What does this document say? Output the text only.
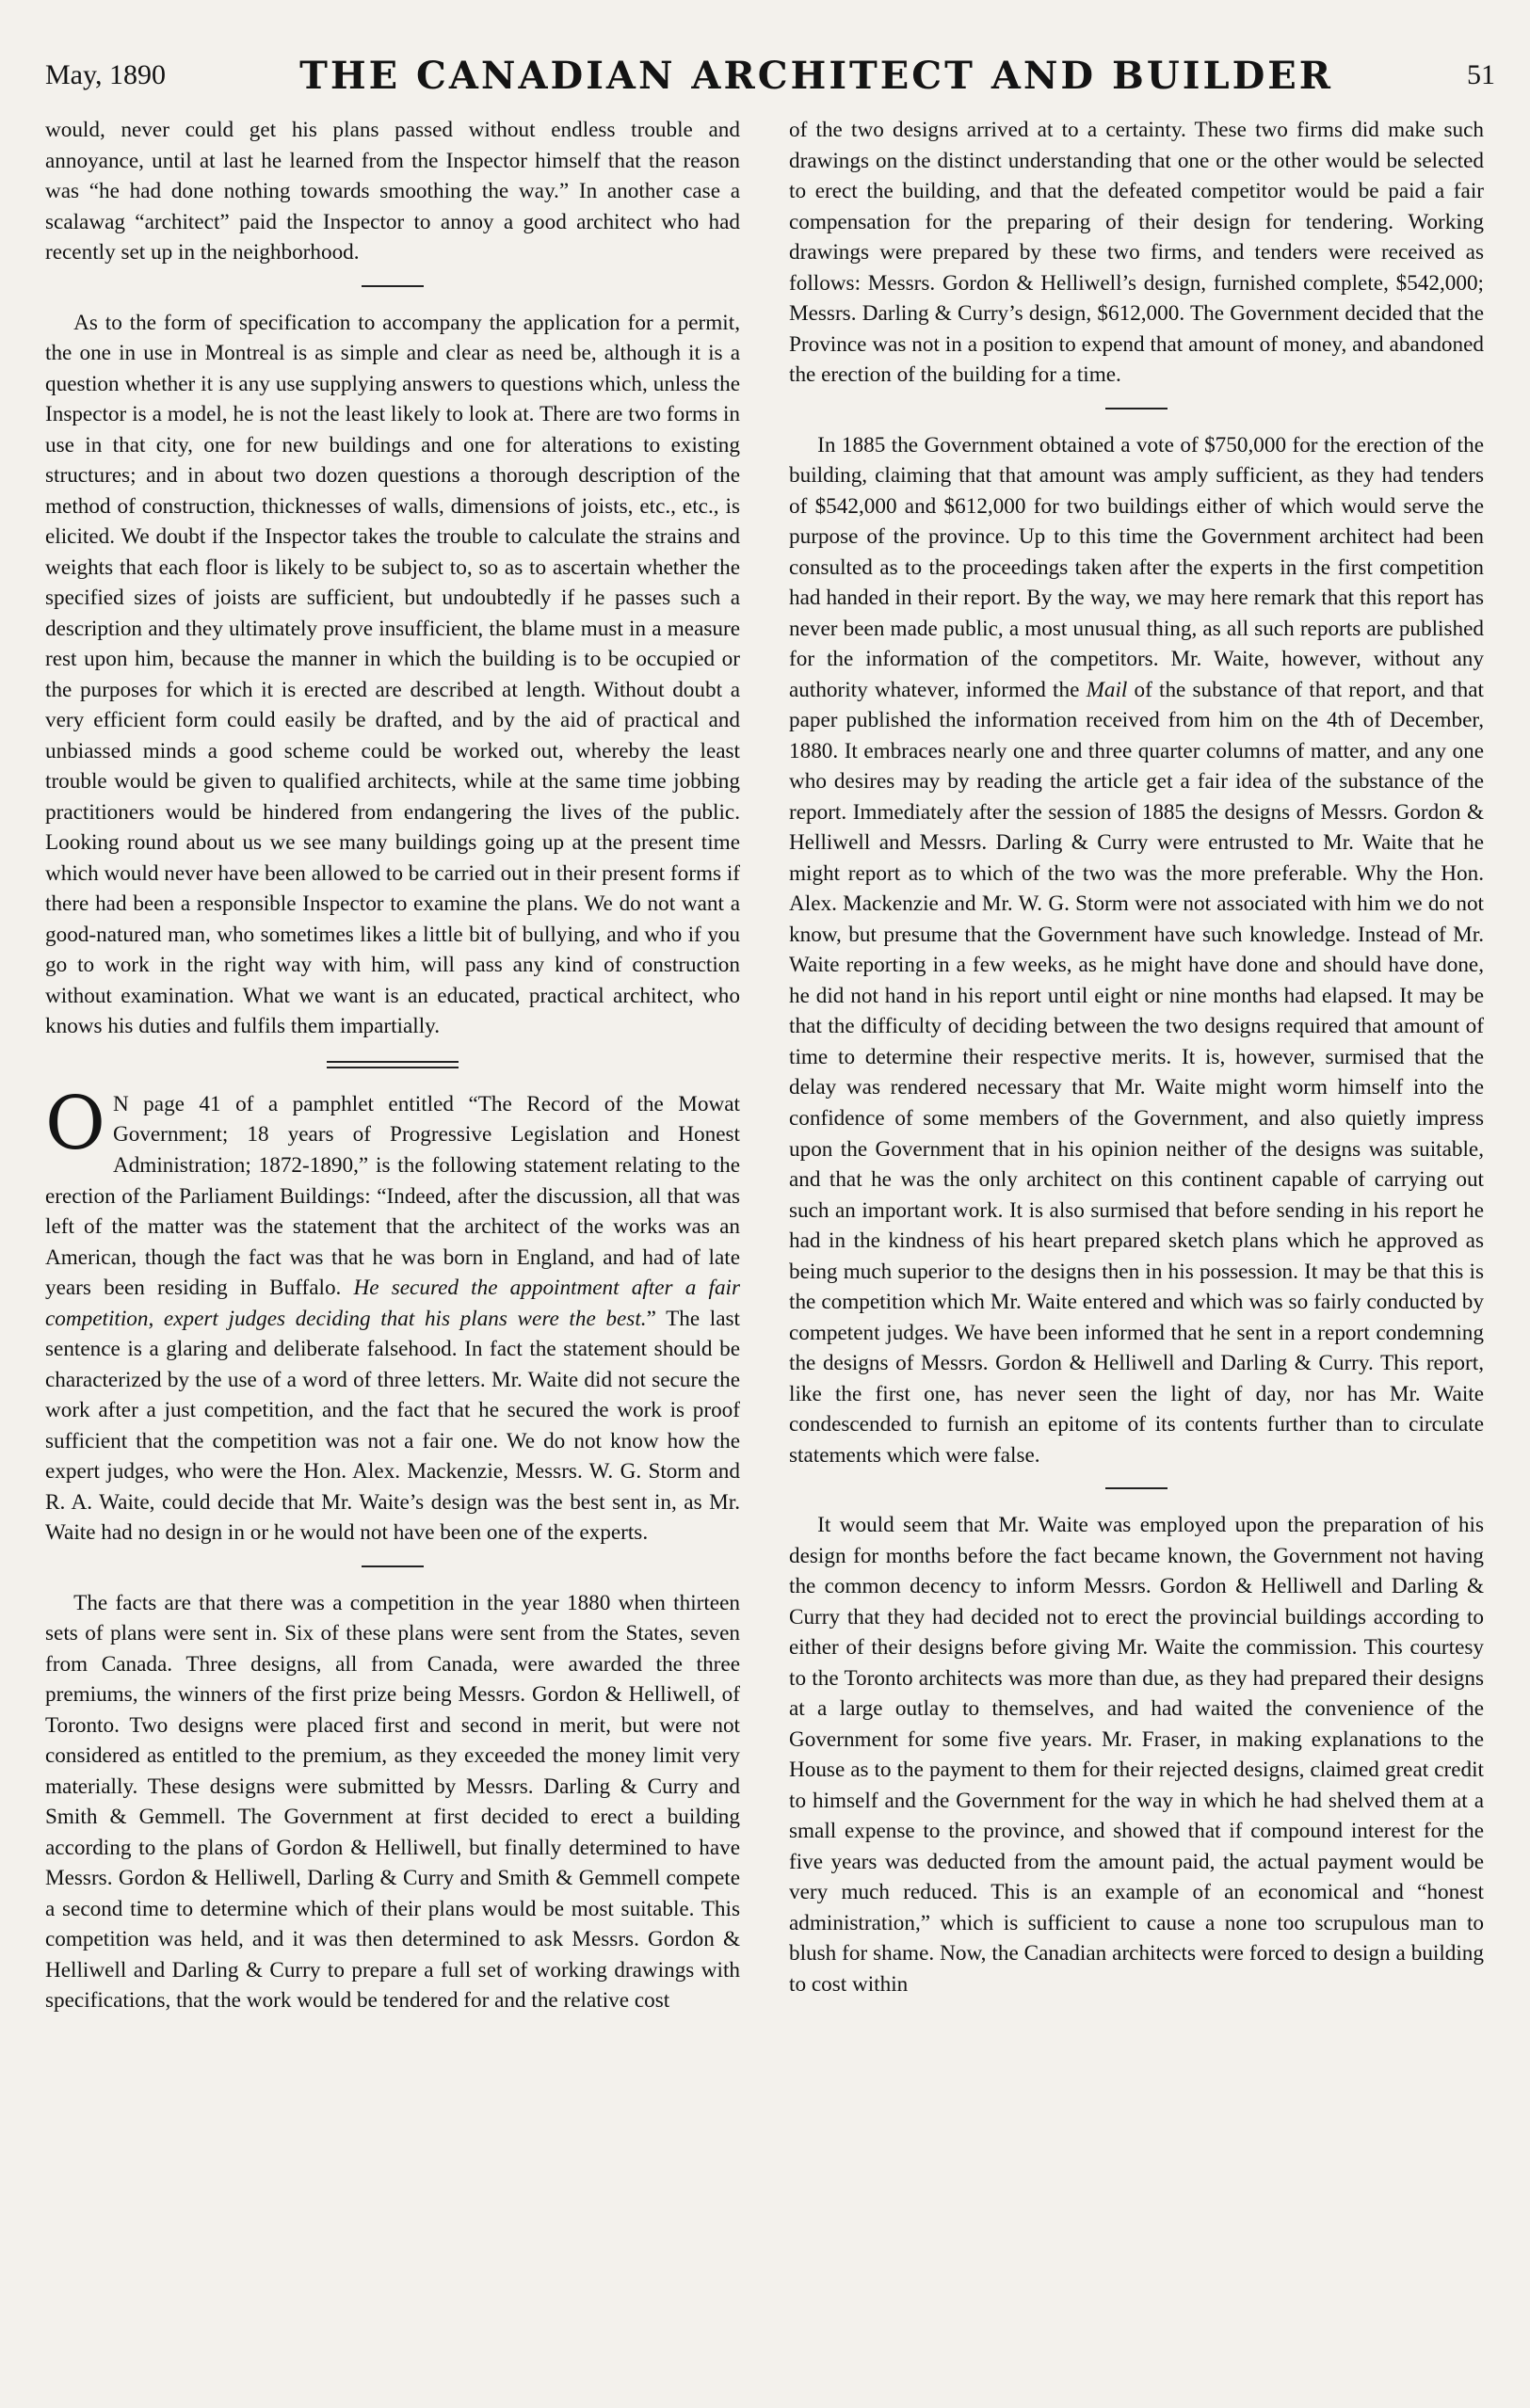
May, 1890	THE CANADIAN ARCHITECT AND BUILDER	51

would, never could get his plans passed without endless trouble and annoyance, until at last he learned from the Inspector himself that the reason was “he had done nothing towards smoothing the way.” In another case a scalawag “architect” paid the Inspector to annoy a good architect who had recently set up in the neighborhood.

As to the form of specification to accompany the application for a permit, the one in use in Montreal is as simple and clear as need be, although it is a question whether it is any use supplying answers to questions which, unless the Inspector is a model, he is not the least likely to look at. There are two forms in use in that city, one for new buildings and one for alterations to existing structures; and in about two dozen questions a thorough description of the method of construction, thicknesses of walls, dimensions of joists, etc., etc., is elicited. We doubt if the Inspector takes the trouble to calculate the strains and weights that each floor is likely to be subject to, so as to ascertain whether the specified sizes of joists are sufficient, but undoubtedly if he passes such a description and they ultimately prove insufficient, the blame must in a measure rest upon him, because the manner in which the building is to be occupied or the purposes for which it is erected are described at length. Without doubt a very efficient form could easily be drafted, and by the aid of practical and unbiassed minds a good scheme could be worked out, whereby the least trouble would be given to qualified architects, while at the same time jobbing practitioners would be hindered from endangering the lives of the public. Looking round about us we see many buildings going up at the present time which would never have been allowed to be carried out in their present forms if there had been a responsible Inspector to examine the plans. We do not want a good-natured man, who sometimes likes a little bit of bullying, and who if you go to work in the right way with him, will pass any kind of construction without examination. What we want is an educated, practical architect, who knows his duties and fulfils them impartially.

O N page 41 of a pamphlet entitled “The Record of the Mowat Government; 18 years of Progressive Legislation and Honest Administration; 1872-1890,” is the following statement relating to the erection of the Parliament Buildings: “Indeed, after the discussion, all that was left of the matter was the statement that the architect of the works was an American, though the fact was that he was born in England, and had of late years been residing in Buffalo. He secured the appointment after a fair competition, expert judges deciding that his plans were the best.” The last sentence is a glaring and deliberate falsehood. In fact the statement should be characterized by the use of a word of three letters. Mr. Waite did not secure the work after a just competition, and the fact that he secured the work is proof sufficient that the competition was not a fair one. We do not know how the expert judges, who were the Hon. Alex. Mackenzie, Messrs. W. G. Storm and R. A. Waite, could decide that Mr. Waite’s design was the best sent in, as Mr. Waite had no design in or he would not have been one of the experts.

The facts are that there was a competition in the year 1880 when thirteen sets of plans were sent in. Six of these plans were sent from the States, seven from Canada. Three designs, all from Canada, were awarded the three premiums, the winners of the first prize being Messrs. Gordon & Helliwell, of Toronto. Two designs were placed first and second in merit, but were not considered as entitled to the premium, as they exceeded the money limit very materially. These designs were submitted by Messrs. Darling & Curry and Smith & Gemmell. The Government at first decided to erect a building according to the plans of Gordon & Helliwell, but finally determined to have Messrs. Gordon & Helliwell, Darling & Curry and Smith & Gemmell compete a second time to determine which of their plans would be most suitable. This competition was held, and it was then determined to ask Messrs. Gordon & Helliwell and Darling & Curry to prepare a full set of working drawings with specifications, that the work would be tendered for and the relative cost

of the two designs arrived at to a certainty. These two firms did make such drawings on the distinct understanding that one or the other would be selected to erect the building, and that the defeated competitor would be paid a fair compensation for the preparing of their design for tendering. Working drawings were prepared by these two firms, and tenders were received as follows: Messrs. Gordon & Helliwell’s design, furnished complete, $542,000; Messrs. Darling & Curry’s design, $612,000. The Government decided that the Province was not in a position to expend that amount of money, and abandoned the erection of the building for a time.

In 1885 the Government obtained a vote of $750,000 for the erection of the building, claiming that that amount was amply sufficient, as they had tenders of $542,000 and $612,000 for two buildings either of which would serve the purpose of the province. Up to this time the Government architect had been consulted as to the proceedings taken after the experts in the first competition had handed in their report. By the way, we may here remark that this report has never been made public, a most unusual thing, as all such reports are published for the information of the competitors. Mr. Waite, however, without any authority whatever, informed the Mail of the substance of that report, and that paper published the information received from him on the 4th of December, 1880. It embraces nearly one and three quarter columns of matter, and any one who desires may by reading the article get a fair idea of the substance of the report. Immediately after the session of 1885 the designs of Messrs. Gordon & Helliwell and Messrs. Darling & Curry were entrusted to Mr. Waite that he might report as to which of the two was the more preferable. Why the Hon. Alex. Mackenzie and Mr. W. G. Storm were not associated with him we do not know, but presume that the Government have such knowledge. Instead of Mr. Waite reporting in a few weeks, as he might have done and should have done, he did not hand in his report until eight or nine months had elapsed. It may be that the difficulty of deciding between the two designs required that amount of time to determine their respective merits. It is, however, surmised that the delay was rendered necessary that Mr. Waite might worm himself into the confidence of some members of the Government, and also quietly impress upon the Government that in his opinion neither of the designs was suitable, and that he was the only architect on this continent capable of carrying out such an important work. It is also surmised that before sending in his report he had in the kindness of his heart prepared sketch plans which he approved as being much superior to the designs then in his possession. It may be that this is the competition which Mr. Waite entered and which was so fairly conducted by competent judges. We have been informed that he sent in a report condemning the designs of Messrs. Gordon & Helliwell and Darling & Curry. This report, like the first one, has never seen the light of day, nor has Mr. Waite condescended to furnish an epitome of its contents further than to circulate statements which were false.

It would seem that Mr. Waite was employed upon the preparation of his design for months before the fact became known, the Government not having the common decency to inform Messrs. Gordon & Helliwell and Darling & Curry that they had decided not to erect the provincial buildings according to either of their designs before giving Mr. Waite the commission. This courtesy to the Toronto architects was more than due, as they had prepared their designs at a large outlay to themselves, and had waited the convenience of the Government for some five years. Mr. Fraser, in making explanations to the House as to the payment to them for their rejected designs, claimed great credit to himself and the Government for the way in which he had shelved them at a small expense to the province, and showed that if compound interest for the five years was deducted from the amount paid, the actual payment would be very much reduced. This is an example of an economical and “honest administration,” which is sufficient to cause a none too scrupulous man to blush for shame. Now, the Canadian architects were forced to design a building to cost within
